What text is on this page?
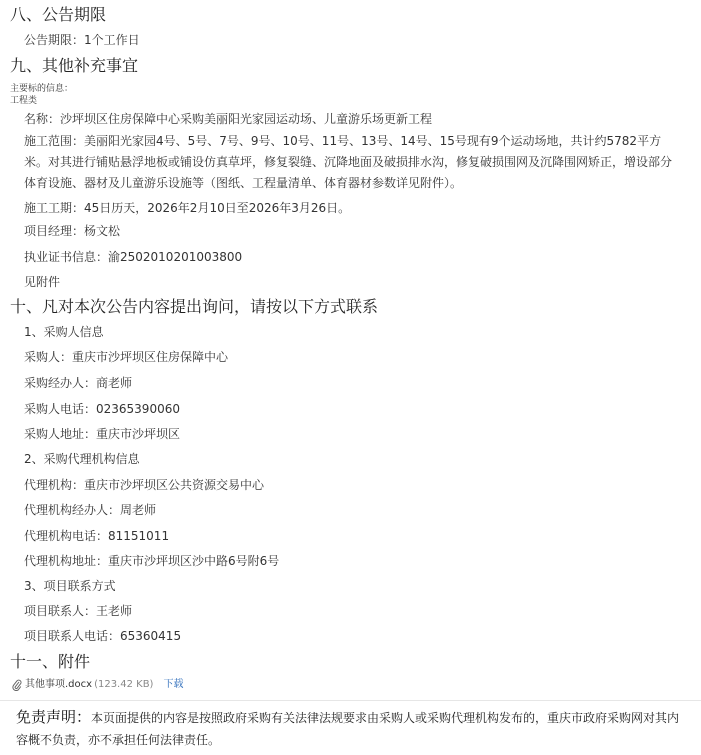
八、公告期限
公告期限：1个工作日
九、其他补充事宜
主要标的信息：
工程类
名称：沙坪坝区住房保障中心采购美丽阳光家园运动场、儿童游乐场更新工程
施工范围：美丽阳光家园4号、5号、7号、9号、10号、11号、13号、14号、15号现有9个运动场地，共计约5782平方米。对其进行铺贴悬浮地板或铺设仿真草坪，修复裂缝、沉降地面及破损排水沟，修复破损围网及沉降围网矫正，增设部分体育设施、器材及儿童游乐设施等（图纸、工程量清单、体育器材参数详见附件）。
施工工期：45日历天，2026年2月10日至2026年3月26日。
项目经理：杨文松
执业证书信息：渝2502010201003800
见附件
十、凡对本次公告内容提出询问，请按以下方式联系
1、采购人信息
采购人：重庆市沙坪坝区住房保障中心
采购经办人：商老师
采购人电话：02365390060
采购人地址：重庆市沙坪坝区
2、采购代理机构信息
代理机构：重庆市沙坪坝区公共资源交易中心
代理机构经办人：周老师
代理机构电话：81151011
代理机构地址：重庆市沙坪坝区沙中路6号附6号
3、项目联系方式
项目联系人：王老师
项目联系人电话：65360415
十一、附件
其他事项.docx (123.42 KB) 下载
免责声明：本页面提供的内容是按照政府采购有关法律法规要求由采购人或采购代理机构发布的，重庆市政府采购网对其内容概不负责，亦不承担任何法律责任。
